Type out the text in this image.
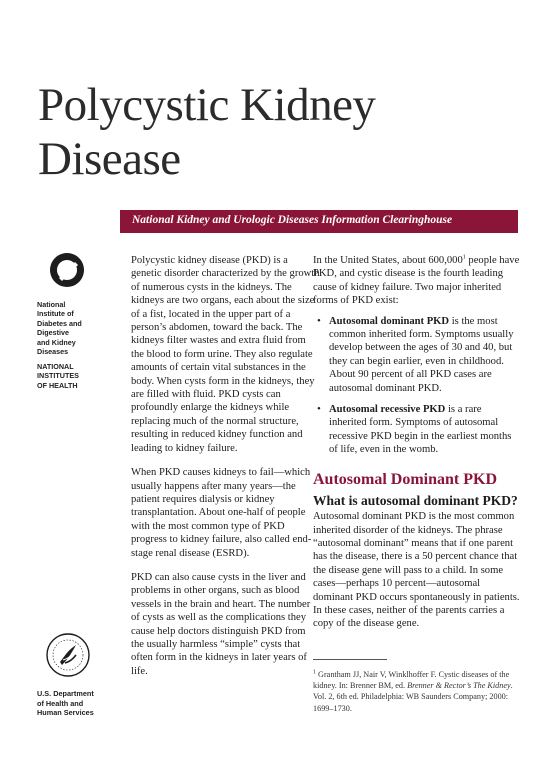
Polycystic Kidney
Disease
National Kidney and Urologic Diseases Information Clearinghouse
National
Institute of
Diabetes and
Digestive
and Kidney
Diseases
NATIONAL
INSTITUTES
OF HEALTH

Polycystic kidney disease (PKD) is a genetic disorder characterized by the growth of numerous cysts in the kidneys. The kidneys are two organs, each about the size of a fist, located in the upper part of a person’s abdomen, toward the back. The kidneys filter wastes and extra fluid from the blood to form urine. They also regulate amounts of certain vital substances in the body. When cysts form in the kidneys, they are filled with fluid. PKD cysts can profoundly enlarge the kidneys while replacing much of the normal structure, resulting in reduced kidney function and leading to kidney failure.

When PKD causes kidneys to fail—which usually happens after many years—the patient requires dialysis or kidney transplantation. About one-half of people with the most common type of PKD progress to kidney failure, also called end-stage renal disease (ESRD).

PKD can also cause cysts in the liver and problems in other organs, such as blood vessels in the brain and heart. The number of cysts as well as the complications they cause help doctors distinguish PKD from the usually harmless “simple” cysts that often form in the kidneys in later years of life.

In the United States, about 600,000$^1$ people have PKD, and cystic disease is the fourth leading cause of kidney failure. Two major inherited forms of PKD exist:

• Autosomal dominant PKD is the most common inherited form. Symptoms usually develop between the ages of 30 and 40, but they can begin earlier, even in childhood. About 90 percent of all PKD cases are autosomal dominant PKD.
• Autosomal recessive PKD is a rare inherited form. Symptoms of autosomal recessive PKD begin in the earliest months of life, even in the womb.
Autosomal Dominant PKD
What is autosomal dominant PKD?

Autosomal dominant PKD is the most common inherited disorder of the kidneys. The phrase “autosomal dominant” means that if one parent has the disease, there is a 50 percent chance that the disease gene will pass to a child. In some cases—perhaps 10 percent—autosomal dominant PKD occurs spontaneously in patients. In these cases, neither of the parents carries a copy of the disease gene.

U.S. Department
of Health and
Human Services
$^1$ Grantham JJ, Nair V, Winklhoffer F. Cystic diseases of the kidney. In: Brenner BM, ed. Brenner & Rector’s The Kidney. Vol. 2, 6th ed. Philadelphia: WB Saunders Company; 2000: 1699–1730.
